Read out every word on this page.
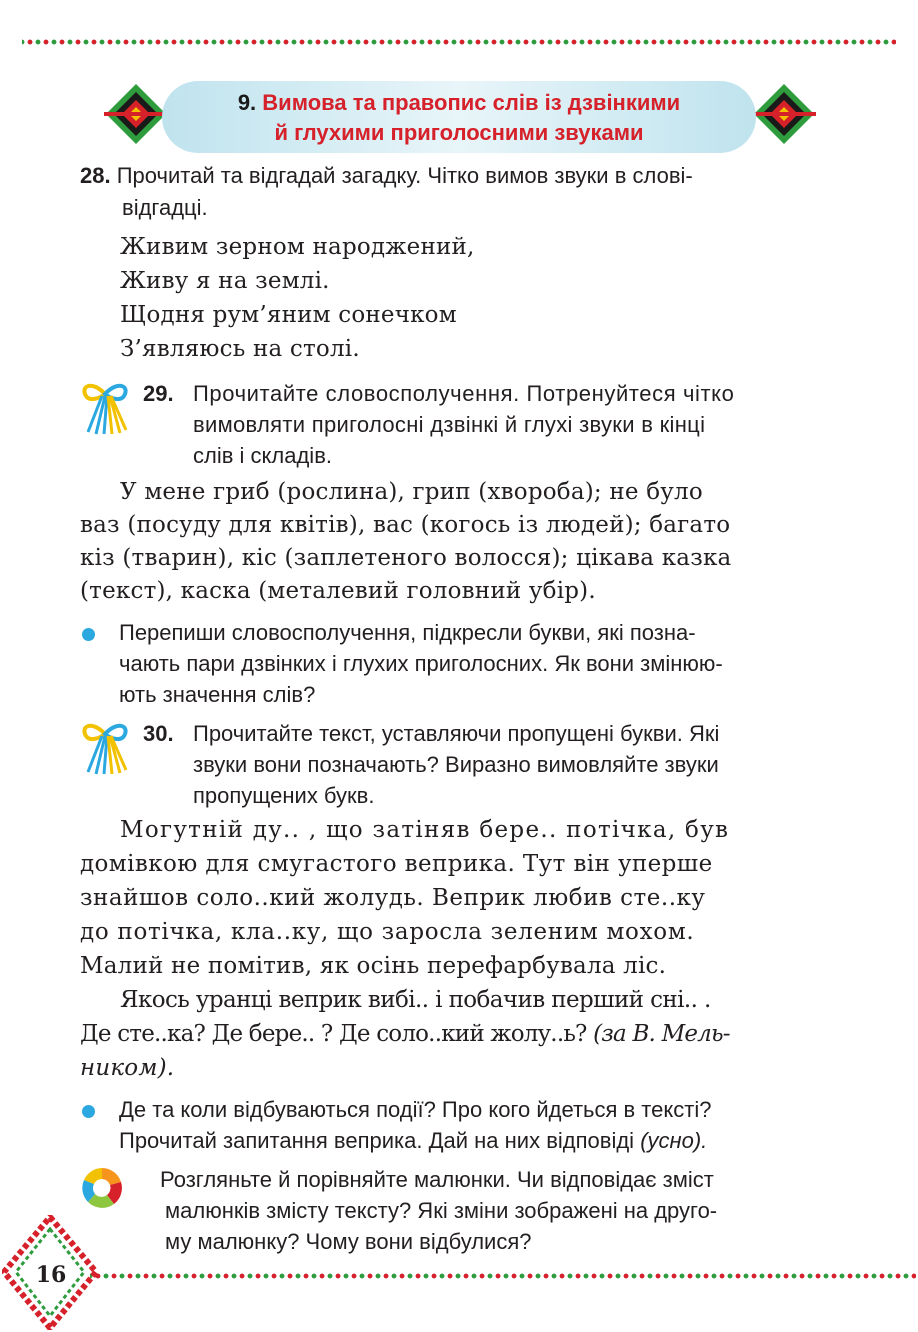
9. Вимова та правопис слів із дзвінкими
й глухими приголосними звуками
28. Прочитай та відгадай загадку. Чітко вимов звуки в слові-
відгадці.
Живим зерном народжений,
Живу я на землі.
Щодня рум’яним сонечком
З’являюсь на столі.
29. Прочитайте словосполучення. Потренуйтеся чітко
вимовляти приголосні дзвінкі й глухі звуки в кінці
слів і складів.
У мене гриб (рослина), грип (хвороба); не було
ваз (посуду для квітів), вас (когось із людей); багато
кіз (тварин), кіс (заплетеного волосся); цікава казка
(текст), каска (металевий головний убір).
Перепиши словосполучення, підкресли букви, які позна-
чають пари дзвінких і глухих приголосних. Як вони змінюю-
ють значення слів?
30. Прочитайте текст, уставляючи пропущені букви. Які
звуки вони позначають? Виразно вимовляйте звуки
пропущених букв.
Могутній ду.. , що затіняв бере.. потічка, був
домівкою для смугастого веприка. Тут він уперше
знайшов соло..кий жолудь. Веприк любив сте..ку
до потічка, кла..ку, що заросла зеленим мохом.
Малий не помітив, як осінь перефарбувала ліс.
Якось уранці веприк вибі.. і побачив перший сні.. .
Де сте..ка? Де бере.. ? Де соло..кий жолу..ь? (за В. Мель-
ником).
Де та коли відбуваються події? Про кого йдеться в тексті?
Прочитай запитання веприка. Дай на них відповіді (усно).
Розгляньте й порівняйте малюнки. Чи відповідає зміст
малюнків змісту тексту? Які зміни зображені на друго-
му малюнку? Чому вони відбулися?
16
